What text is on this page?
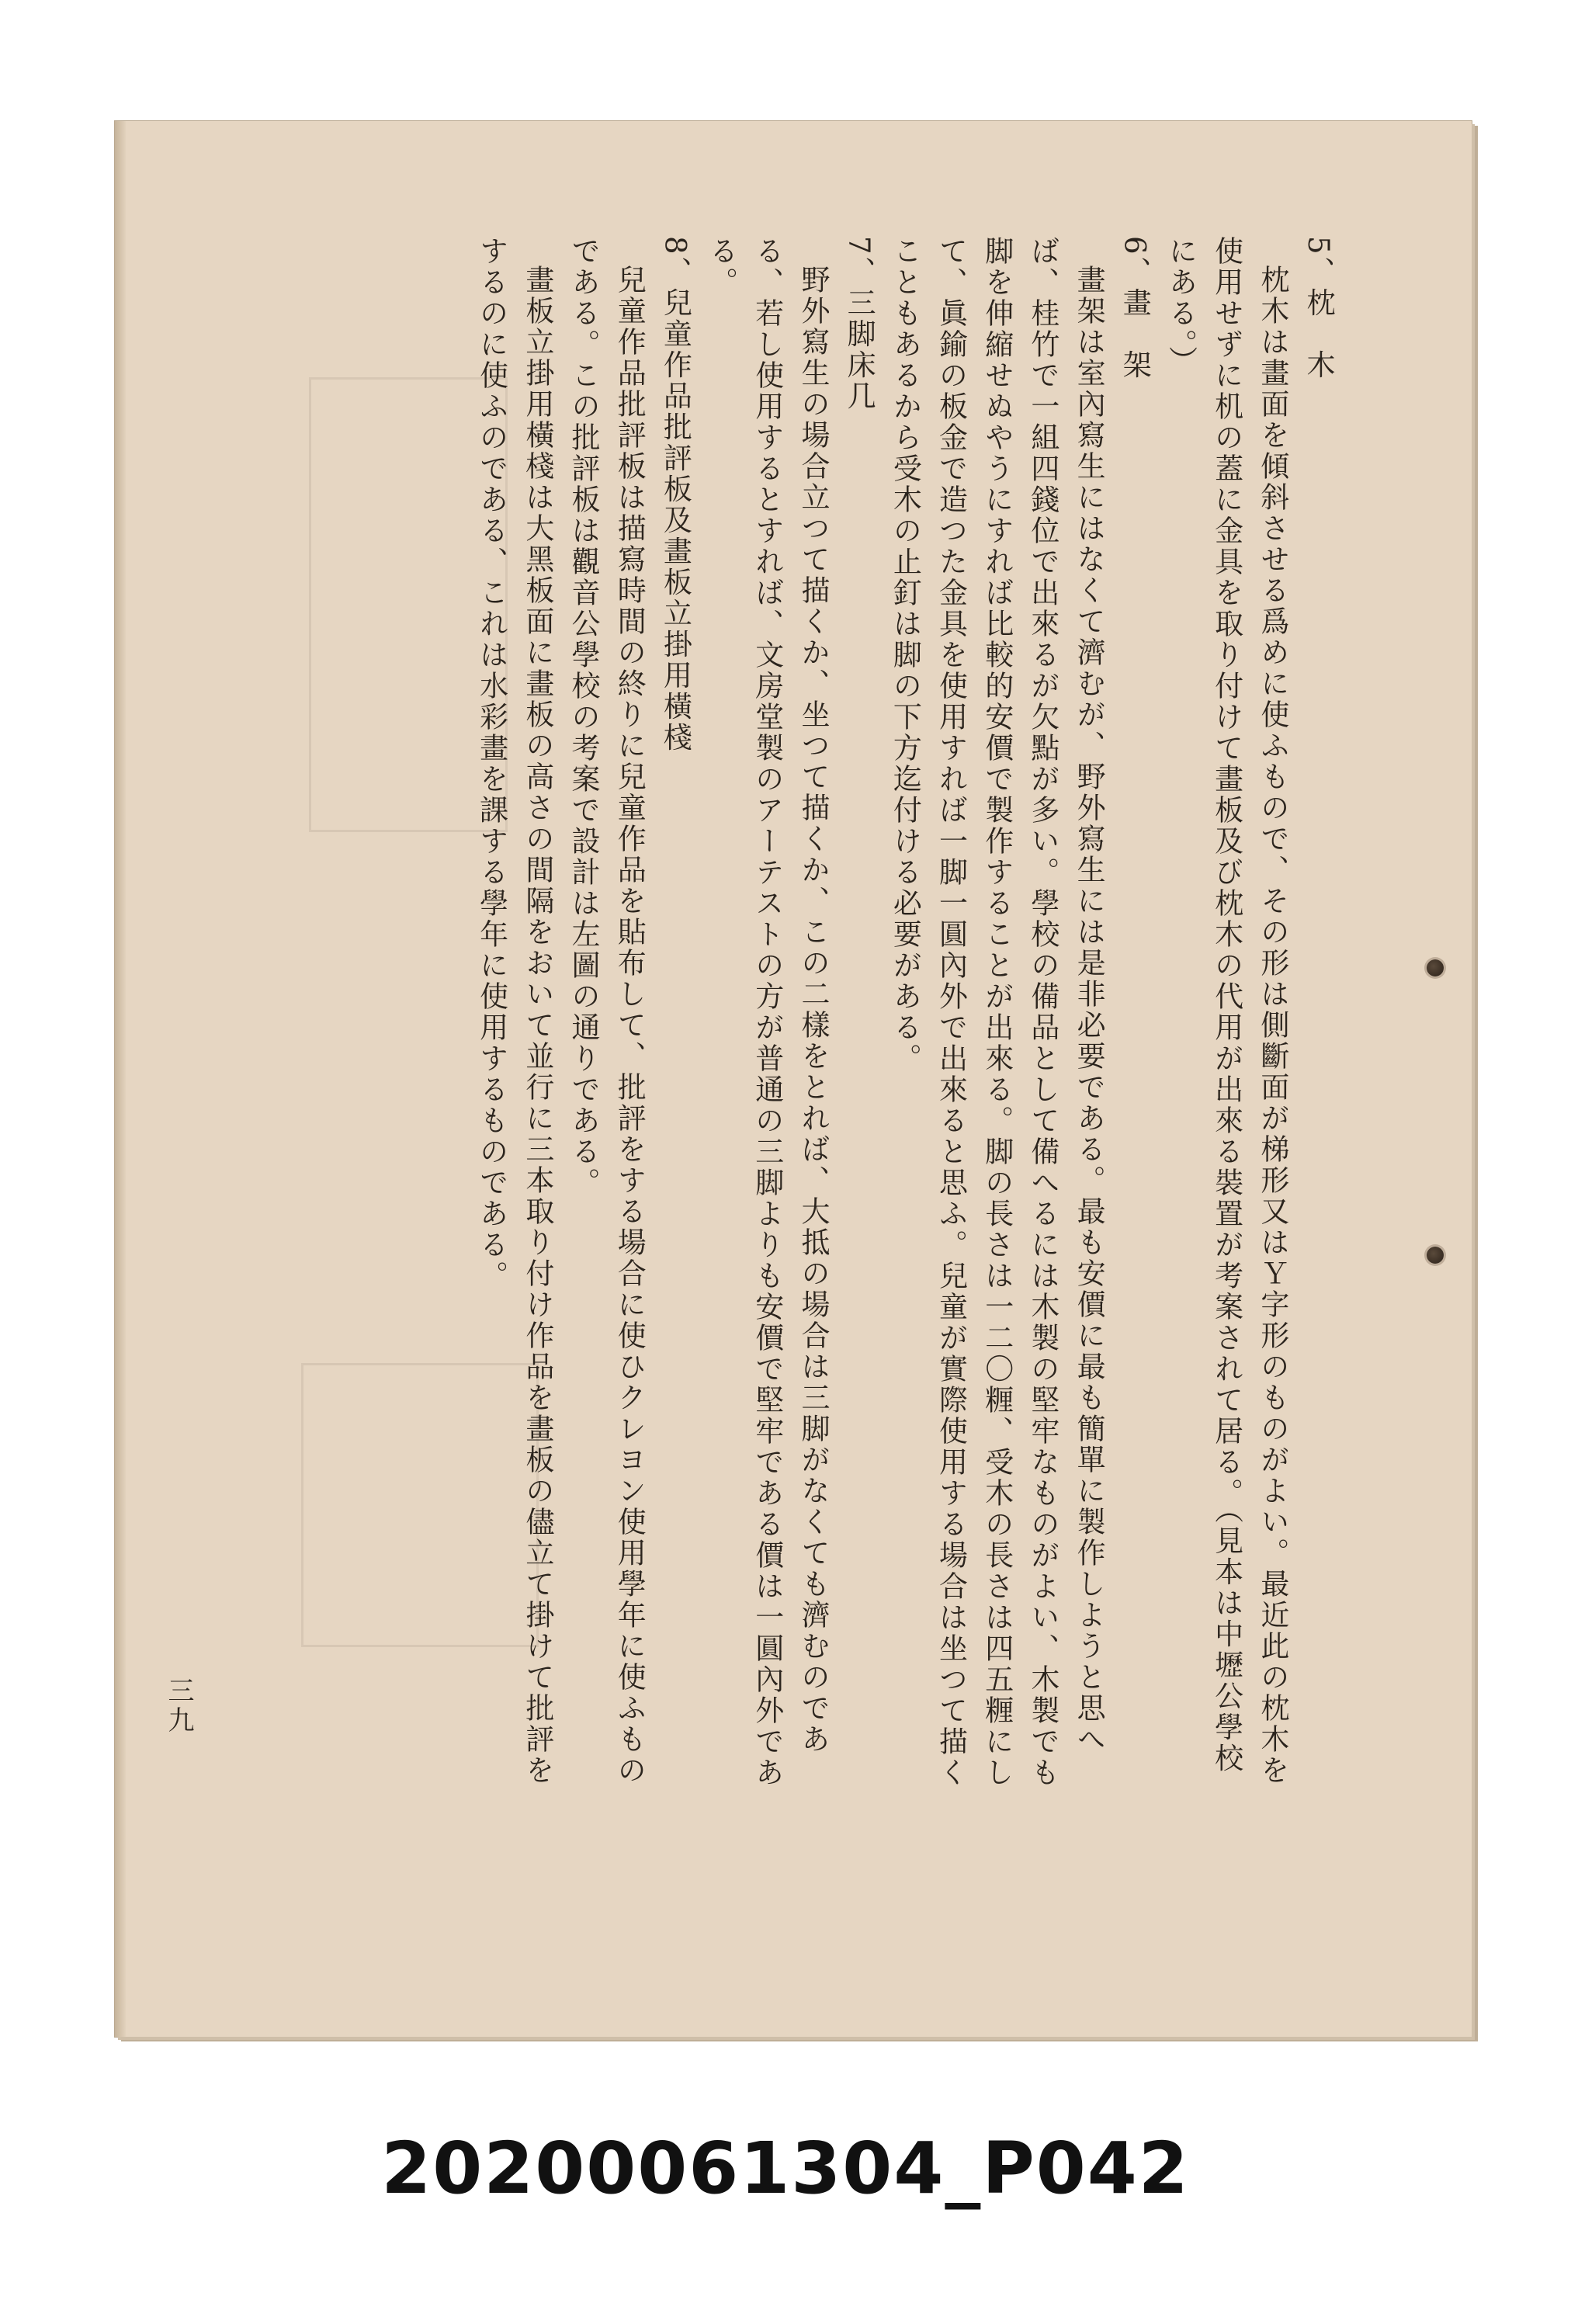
5、枕　木

枕木は畫面を傾斜させる爲めに使ふもので、その形は側斷面が梯形又はＹ字形のものがよい。最近此の枕木を使用せずに机の蓋に金具を取り付けて畫板及び枕木の代用が出來る裝置が考案されて居る。（見本は中壢公學校にある。）

6、畫　架

畫架は室內寫生にはなくて濟むが、野外寫生には是非必要である。最も安價に最も簡單に製作しようと思へば、桂竹で一組四錢位で出來るが欠點が多い。學校の備品として備へるには木製の堅牢なものがよい、木製でも脚を伸縮せぬやうにすれば比較的安價で製作することが出來る。脚の長さは一二〇糎、受木の長さは四五糎にして、眞鍮の板金で造つた金具を使用すれば一脚一圓內外で出來ると思ふ。兒童が實際使用する場合は坐つて描くこともあるから受木の止釘は脚の下方迄付ける必要がある。

7、三脚床几

野外寫生の場合立つて描くか、坐つて描くか、この二樣をとれば、大抵の場合は三脚がなくても濟むのである、若し使用するとすれば、文房堂製のアーテストの方が普通の三脚よりも安價で堅牢である價は一圓內外である。

8、兒童作品批評板及畫板立掛用橫棧

兒童作品批評板は描寫時間の終りに兒童作品を貼布して、批評をする場合に使ひクレヨン使用學年に使ふものである。この批評板は觀音公學校の考案で設計は左圖の通りである。

畫板立掛用橫棧は大黑板面に畫板の高さの間隔をおいて並行に三本取り付け作品を畫板の儘立て掛けて批評をするのに使ふのである、これは水彩畫を課する學年に使用するものである。

三九
20200061304_P042
